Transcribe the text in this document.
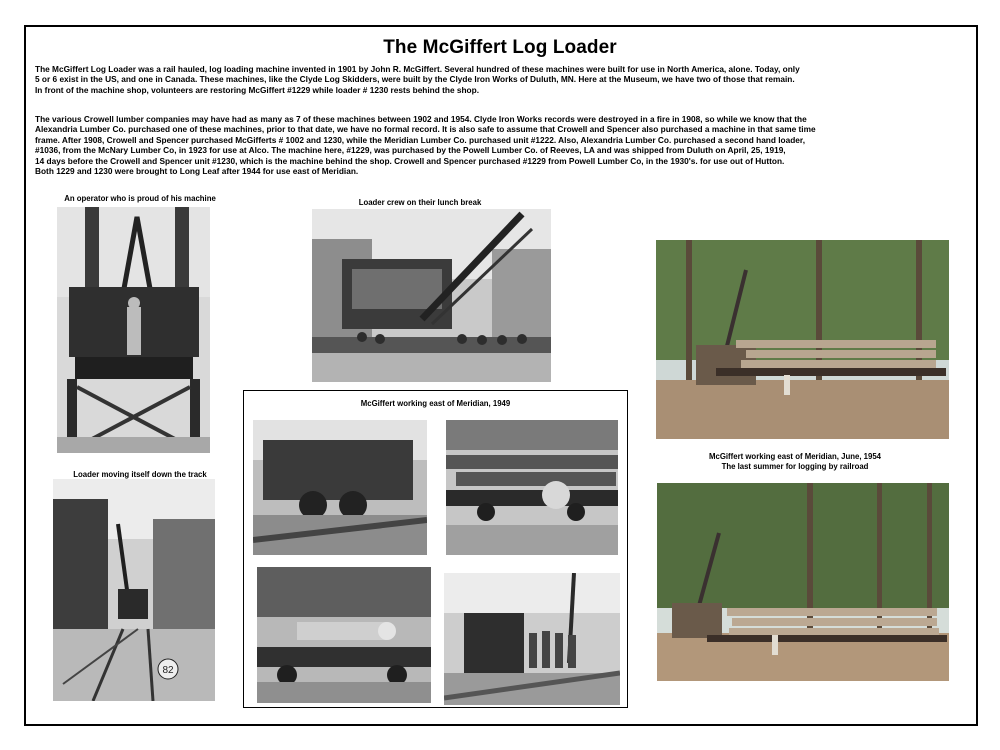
The McGiffert Log Loader
The McGiffert Log Loader was a rail hauled, log loading machine invented in 1901 by John R. McGiffert. Several hundred of these machines were built for use in North America, alone. Today, only
5 or 6 exist in the US, and one in Canada. These machines, like the Clyde Log Skidders, were built by the Clyde Iron Works of Duluth, MN. Here at the Museum, we have two of those that remain.
In front of the machine shop, volunteers are restoring McGiffert #1229 while loader # 1230 rests behind the shop.
The various Crowell lumber companies may have had as many as 7 of these machines between 1902 and 1954. Clyde Iron Works records were destroyed in a fire in 1908, so while we know that the
Alexandria Lumber Co. purchased one of these machines, prior to that date, we have no formal record. It is also safe to assume that Crowell and Spencer also purchased a machine in that same time
frame. After 1908, Crowell and Spencer purchased McGifferts # 1002 and 1230, while the Meridian Lumber Co. purchased unit #1222. Also, Alexandria Lumber Co. purchased a second hand loader,
#1036, from the McNary Lumber Co, in 1923 for use at Alco. The machine here, #1229, was purchased by the Powell Lumber Co. of Reeves, LA and was shipped from Duluth on April, 25, 1919,
14 days before the Crowell and Spencer unit #1230, which is the machine behind the shop. Crowell and Spencer purchased #1229 from Powell Lumber Co, in the 1930's. for use out of Hutton.
Both 1229 and 1230 were brought to Long Leaf after 1944 for use east of Meridian.
An operator who is proud of his machine	Loader crew on their lunch break
McGiffert working east of Meridian, June, 1954
The last summer for logging by railroad
Loader moving itself down the track

82
McGiffert working east of Meridian, 1949
